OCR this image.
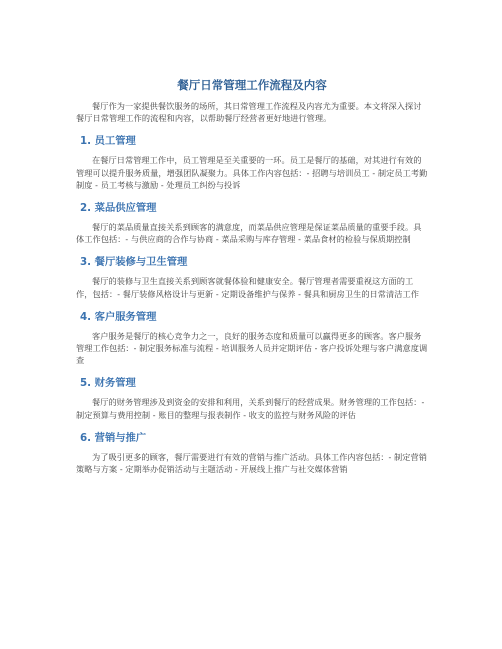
餐厅日常管理工作流程及内容

餐厅作为一家提供餐饮服务的场所，其日常管理工作流程及内容尤为重要。本文将深入探讨餐厅日常管理工作的流程和内容，以帮助餐厅经营者更好地进行管理。

1. 员工管理

在餐厅日常管理工作中，员工管理是至关重要的一环。员工是餐厅的基础，对其进行有效的管理可以提升服务质量，增强团队凝聚力。具体工作内容包括：- 招聘与培训员工 - 制定员工考勤制度 - 员工考核与激励 - 处理员工纠纷与投诉

2. 菜品供应管理

餐厅的菜品质量直接关系到顾客的满意度，而菜品供应管理是保证菜品质量的重要手段。具体工作包括：- 与供应商的合作与协商 - 菜品采购与库存管理 - 菜品食材的检验与保质期控制

3. 餐厅装修与卫生管理

餐厅的装修与卫生直接关系到顾客就餐体验和健康安全。餐厅管理者需要重视这方面的工作，包括：- 餐厅装修风格设计与更新 - 定期设备维护与保养 - 餐具和厨房卫生的日常清洁工作

4. 客户服务管理

客户服务是餐厅的核心竞争力之一，良好的服务态度和质量可以赢得更多的顾客。客户服务管理工作包括：- 制定服务标准与流程 - 培训服务人员并定期评估 - 客户投诉处理与客户满意度调查

5. 财务管理

餐厅的财务管理涉及到资金的安排和利用，关系到餐厅的经营成果。财务管理的工作包括：- 制定预算与费用控制 - 账目的整理与报表制作 - 收支的监控与财务风险的评估

6. 营销与推广

为了吸引更多的顾客，餐厅需要进行有效的营销与推广活动。具体工作内容包括：- 制定营销策略与方案 - 定期举办促销活动与主题活动 - 开展线上推广与社交媒体营销
